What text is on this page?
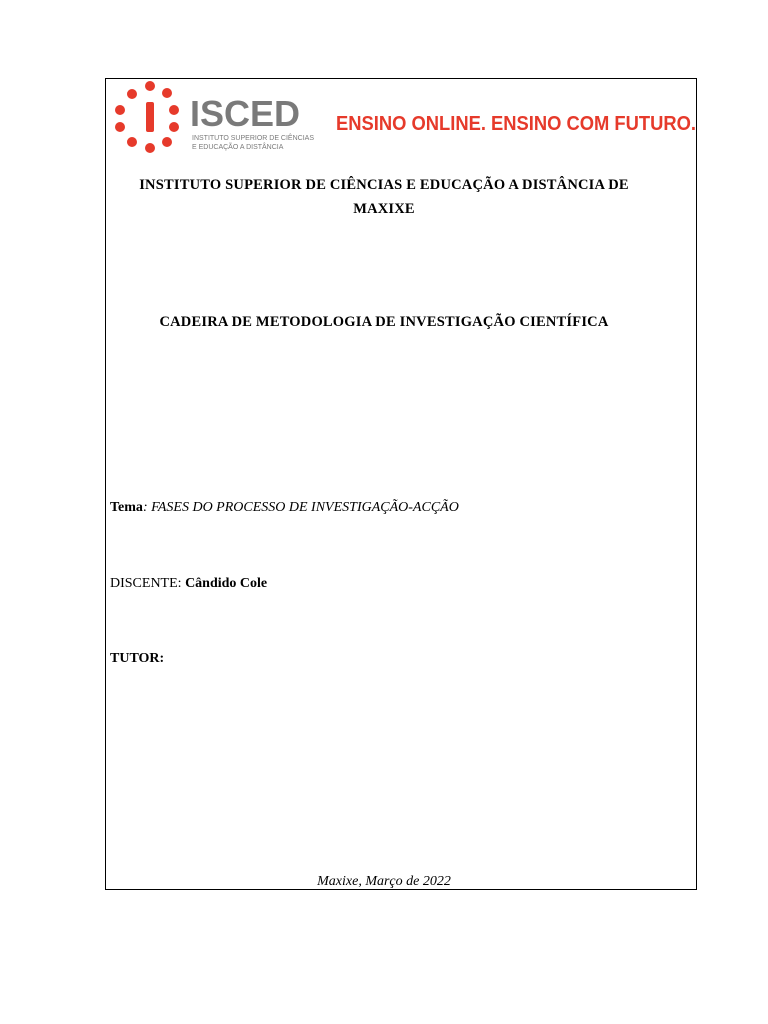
ISCED
INSTITUTO SUPERIOR DE CIÊNCIAS
E EDUCAÇÃO A DISTÂNCIA
ENSINO ONLINE. ENSINO COM FUTURO.
INSTITUTO SUPERIOR DE CIÊNCIAS E EDUCAÇÃO A DISTÂNCIA DE MAXIXE
CADEIRA DE METODOLOGIA DE INVESTIGAÇÃO CIENTÍFICA
Tema: FASES DO PROCESSO DE INVESTIGAÇÃO-ACÇÃO
DISCENTE: Cândido Cole
TUTOR:
Maxixe, Março de 2022
